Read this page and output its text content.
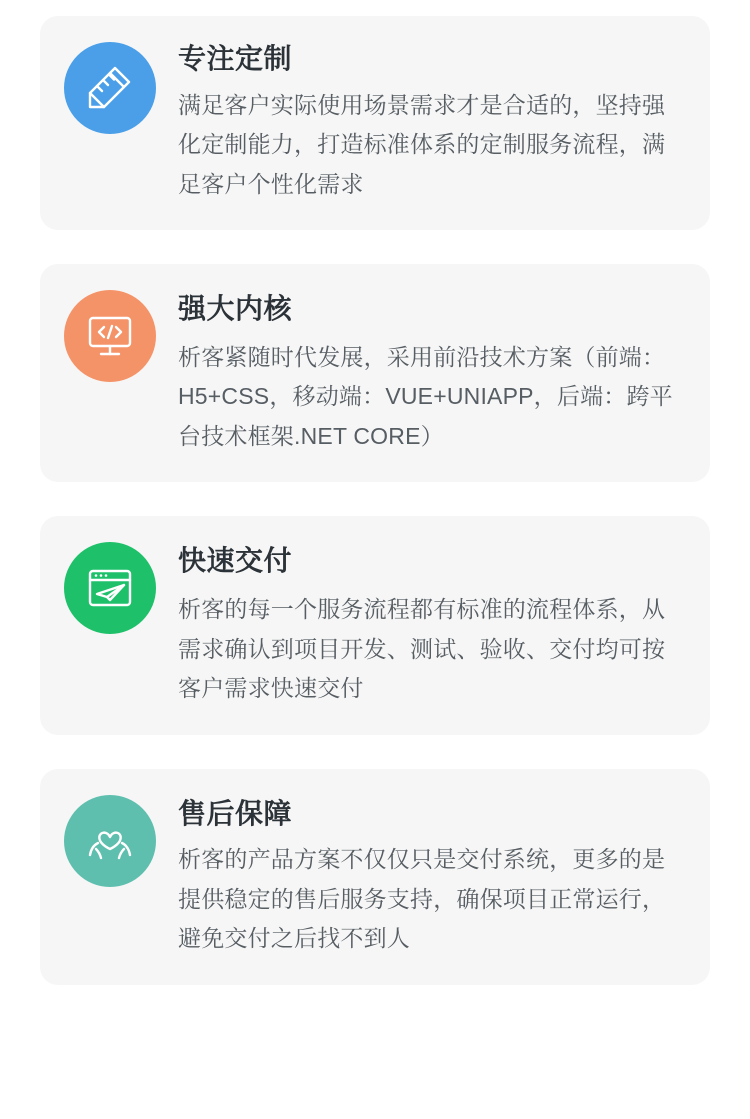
专注定制

满足客户实际使用场景需求才是合适的，坚持强化定制能力，打造标准体系的定制服务流程，满足客户个性化需求

强大内核

析客紧随时代发展，采用前沿技术方案（前端：H5+CSS，移动端：VUE+UNIAPP，后端：跨平台技术框架.NET CORE）

快速交付

析客的每一个服务流程都有标准的流程体系，从需求确认到项目开发、测试、验收、交付均可按客户需求快速交付

售后保障

析客的产品方案不仅仅只是交付系统，更多的是提供稳定的售后服务支持，确保项目正常运行，避免交付之后找不到人
